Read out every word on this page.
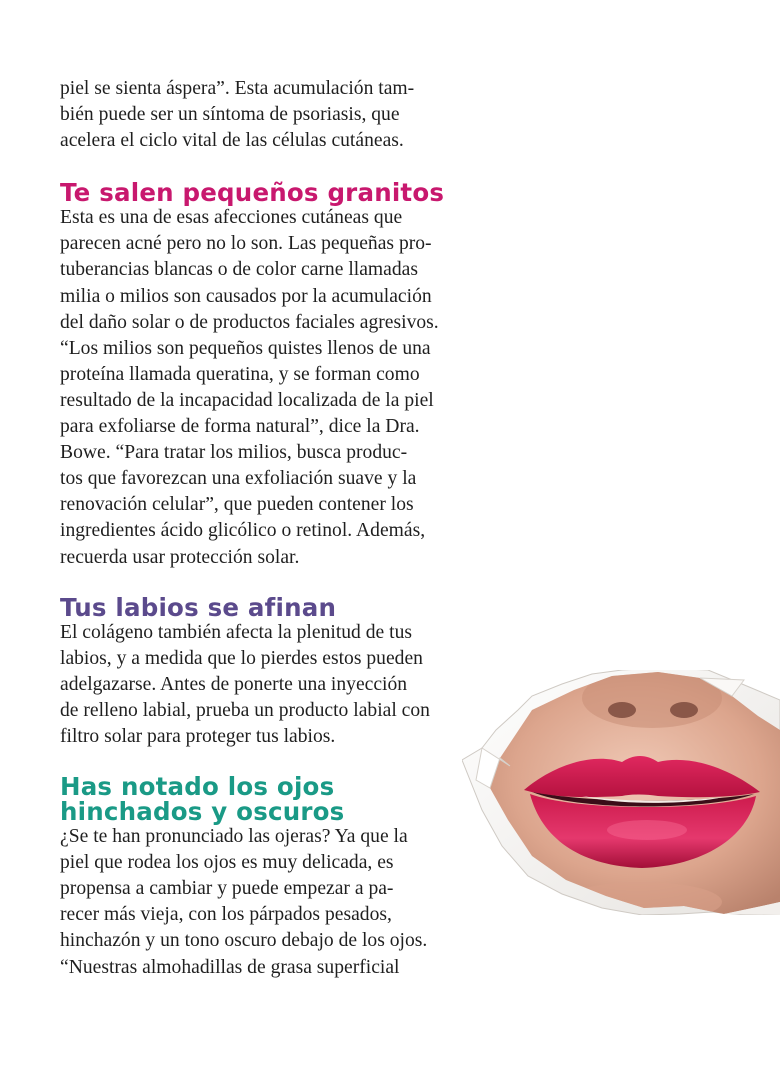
piel se sienta áspera”. Esta acumulación tam-
bién puede ser un síntoma de psoriasis, que
acelera el ciclo vital de las células cutáneas.

Te salen pequeños granitos

Esta es una de esas afecciones cutáneas que
parecen acné pero no lo son. Las pequeñas pro-
tuberancias blancas o de color carne llamadas
milia o milios son causados por la acumulación
del daño solar o de productos faciales agresivos.
“Los milios son pequeños quistes llenos de una
proteína llamada queratina, y se forman como
resultado de la incapacidad localizada de la piel
para exfoliarse de forma natural”, dice la Dra.
Bowe. “Para tratar los milios, busca produc-
tos que favorezcan una exfoliación suave y la
renovación celular”, que pueden contener los
ingredientes ácido glicólico o retinol. Además,
recuerda usar protección solar.

Tus labios se afinan

El colágeno también afecta la plenitud de tus
labios, y a medida que lo pierdes estos pueden
adelgazarse. Antes de ponerte una inyección
de relleno labial, prueba un producto labial con
filtro solar para proteger tus labios.

Has notado los ojos
hinchados y oscuros

¿Se te han pronunciado las ojeras? Ya que la
piel que rodea los ojos es muy delicada, es
propensa a cambiar y puede empezar a pa-
recer más vieja, con los párpados pesados,
hinchazón y un tono oscuro debajo de los ojos.
“Nuestras almohadillas de grasa superficial
